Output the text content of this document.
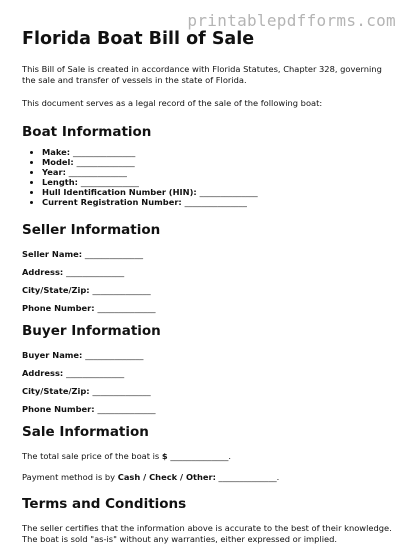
printablepdfforms.com
Florida Boat Bill of Sale

This Bill of Sale is created in accordance with Florida Statutes, Chapter 328, governing the sale and transfer of vessels in the state of Florida.

This document serves as a legal record of the sale of the following boat:

Boat Information
• Make: _______________
• Model: ______________
• Year: ______________
• Length: ______________
• Hull Identification Number (HIN): ______________
• Current Registration Number: _______________
Seller Information
Seller Name: ______________
Address: ______________
City/State/Zip: ______________
Phone Number: ______________
Buyer Information
Buyer Name: ______________
Address: ______________
City/State/Zip: ______________
Phone Number: ______________
Sale Information
The total sale price of the boat is $ ______________.
Payment method is by Cash / Check / Other: ______________.
Terms and Conditions

The seller certifies that the information above is accurate to the best of their knowledge. The boat is sold "as-is" without any warranties, either expressed or implied.
